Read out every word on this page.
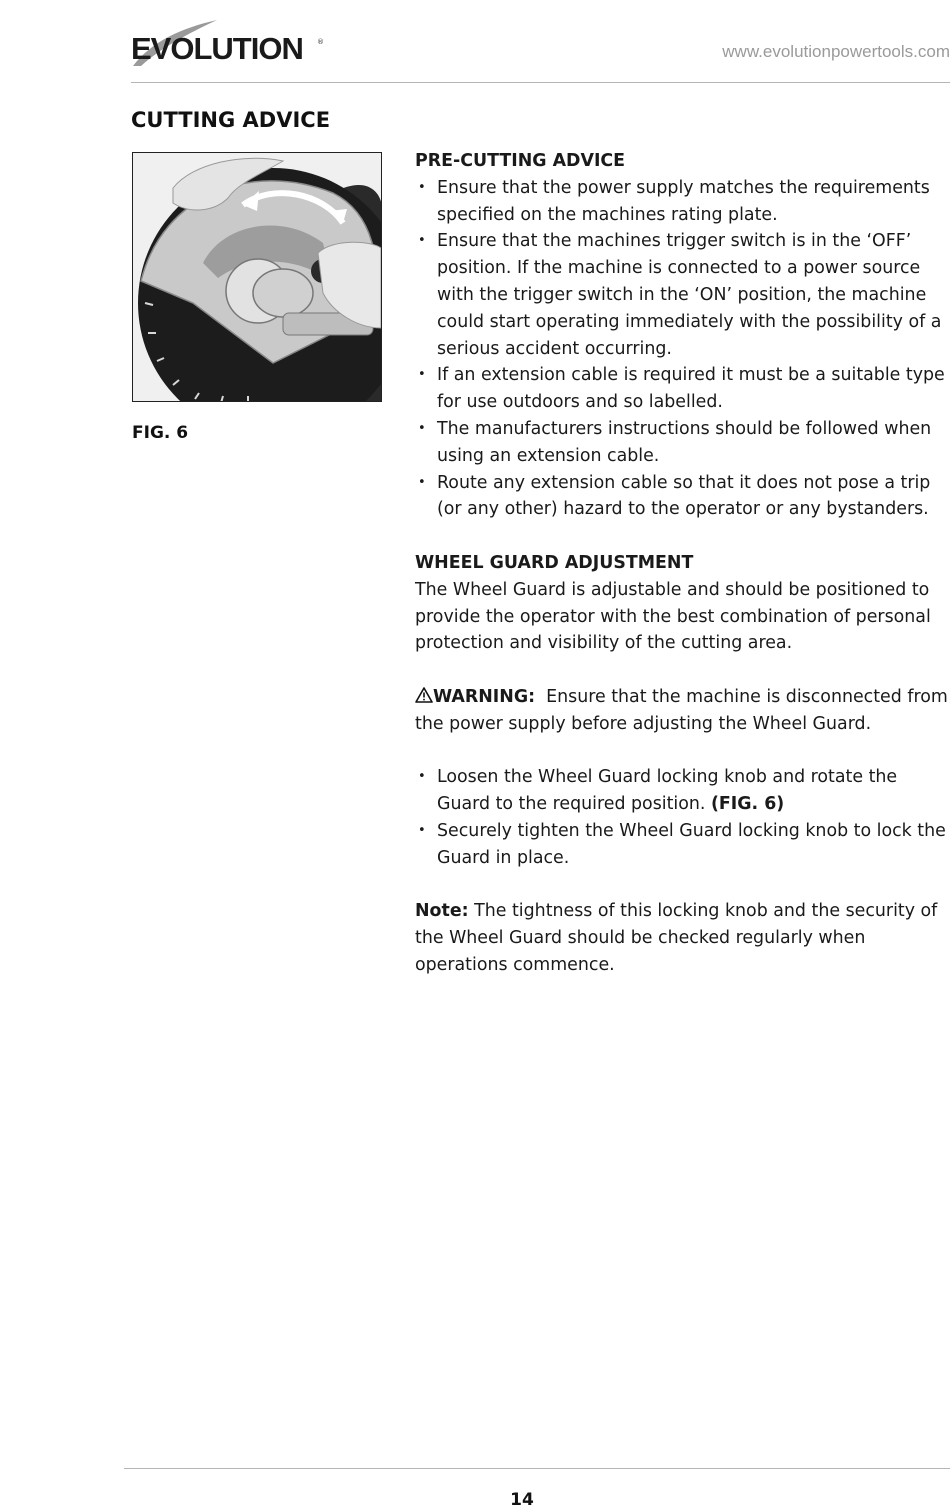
EVOLUTION ®	www.evolutionpowertools.com
CUTTING ADVICE
FIG. 6

PRE-CUTTING ADVICE

• Ensure that the power supply matches the requirements specified on the machines rating plate.
• Ensure that the machines trigger switch is in the ‘OFF’ position. If the machine is connected to a power source with the trigger switch in the ‘ON’ position, the machine could start operating immediately with the possibility of a serious accident occurring.
• If an extension cable is required it must be a suitable type for use outdoors and so labelled.
• The manufacturers instructions should be followed when using an extension cable.
• Route any extension cable so that it does not pose a trip (or any other) hazard to the operator or any bystanders.

WHEEL GUARD ADJUSTMENT

The Wheel Guard is adjustable and should be positioned to provide the operator with the best combination of personal protection and visibility of the cutting area.

WARNING: Ensure that the machine is disconnected from the power supply before adjusting the Wheel Guard.

• Loosen the Wheel Guard locking knob and rotate the Guard to the required position. (FIG. 6)
• Securely tighten the Wheel Guard locking knob to lock the Guard in place.

Note: The tightness of this locking knob and the security of the Wheel Guard should be checked regularly when operations commence.

14
